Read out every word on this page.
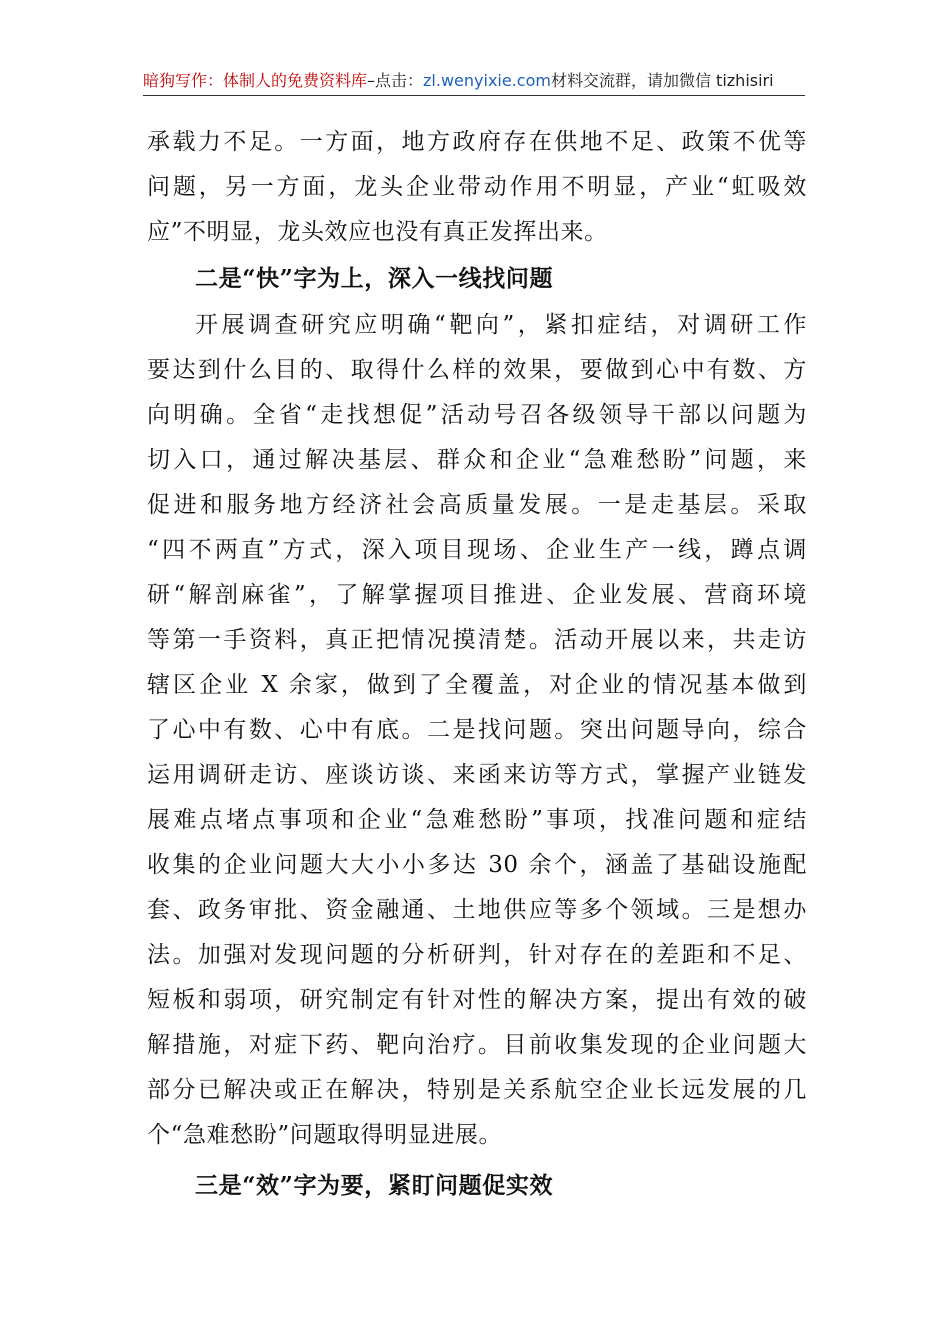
暗狗写作：体制人的免费资料库–点击：zl.wenyixie.com材料交流群，请加微信 tizhisiri
承载力不足。一方面，地方政府存在供地不足、政策不优等
问题，另一方面，龙头企业带动作用不明显，产业“虹吸效
应”不明显，龙头效应也没有真正发挥出来。
二是“快”字为上，深入一线找问题
开展调查研究应明确“靶向”，紧扣症结，对调研工作
要达到什么目的、取得什么样的效果，要做到心中有数、方
向明确。全省“走找想促”活动号召各级领导干部以问题为
切入口，通过解决基层、群众和企业“急难愁盼”问题，来
促进和服务地方经济社会高质量发展。一是走基层。采取
“四不两直”方式，深入项目现场、企业生产一线，蹲点调
研“解剖麻雀”，了解掌握项目推进、企业发展、营商环境
等第一手资料，真正把情况摸清楚。活动开展以来，共走访
辖区企业 X 余家，做到了全覆盖，对企业的情况基本做到
了心中有数、心中有底。二是找问题。突出问题导向，综合
运用调研走访、座谈访谈、来函来访等方式，掌握产业链发
展难点堵点事项和企业“急难愁盼”事项，找准问题和症结
收集的企业问题大大小小多达 30 余个，涵盖了基础设施配
套、政务审批、资金融通、土地供应等多个领域。三是想办
法。加强对发现问题的分析研判，针对存在的差距和不足、
短板和弱项，研究制定有针对性的解决方案，提出有效的破
解措施，对症下药、靶向治疗。目前收集发现的企业问题大
部分已解决或正在解决，特别是关系航空企业长远发展的几
个“急难愁盼”问题取得明显进展。
三是“效”字为要，紧盯问题促实效
